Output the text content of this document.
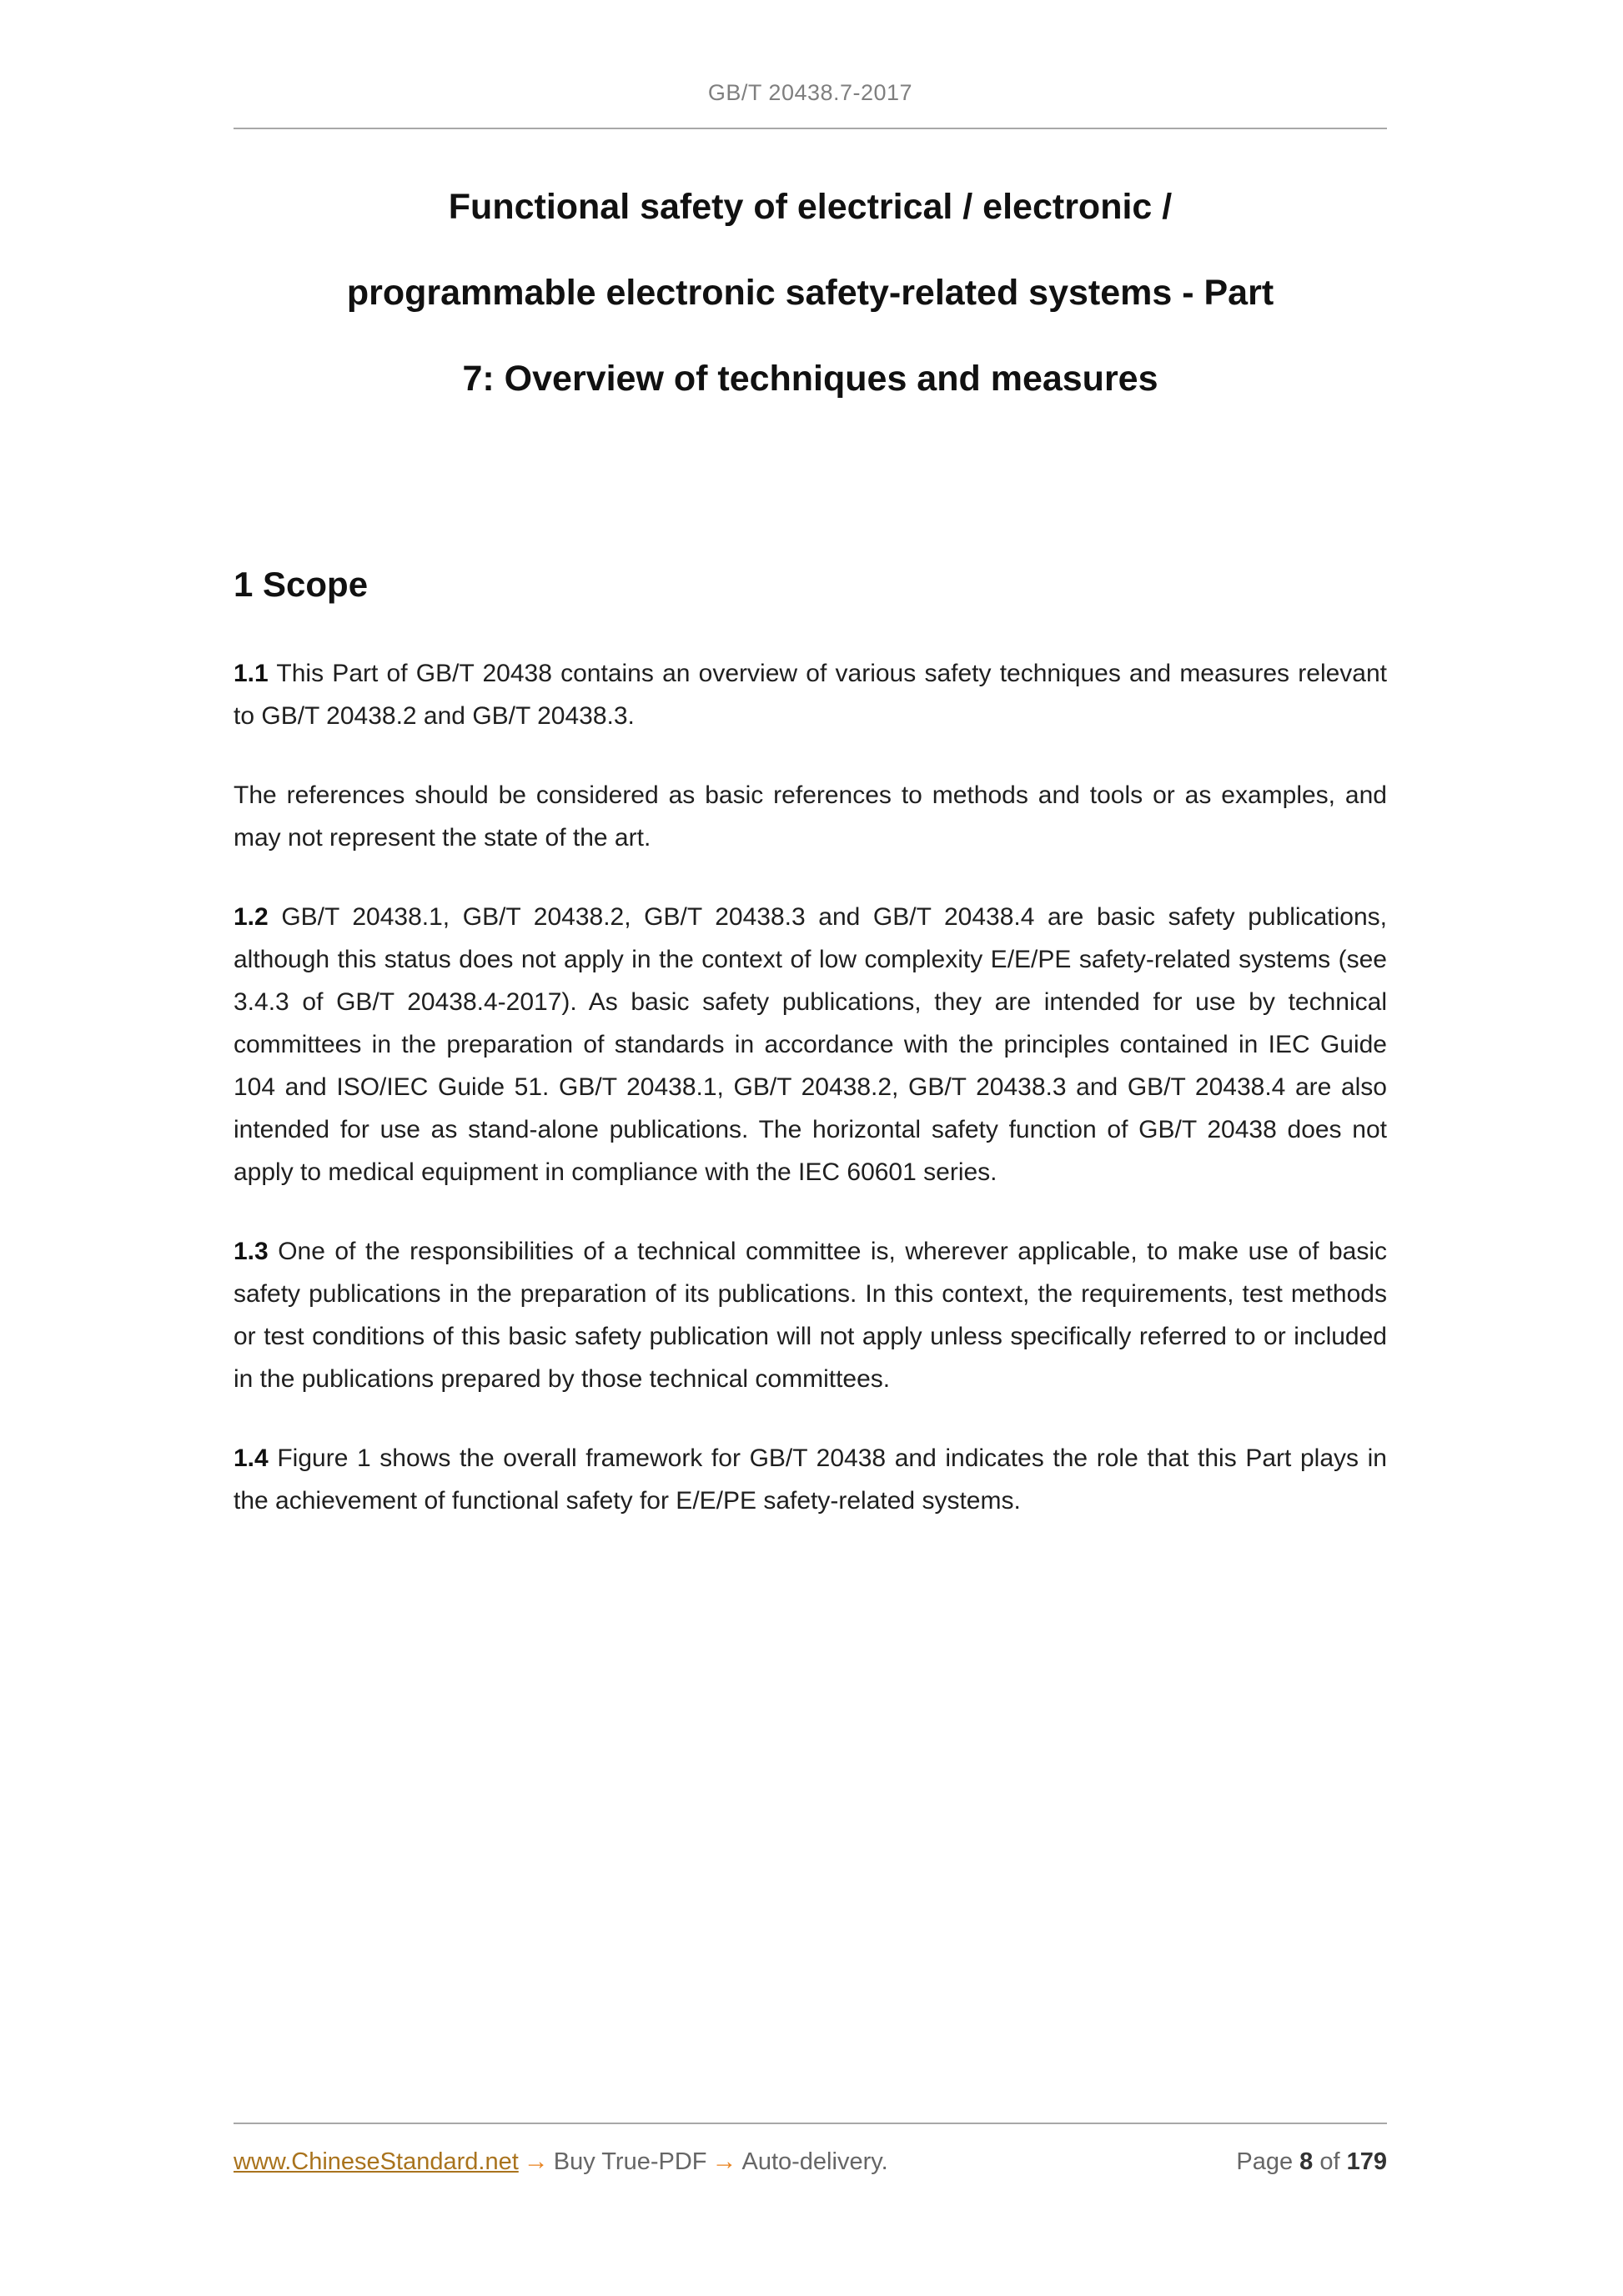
GB/T 20438.7-2017
Functional safety of electrical / electronic /
programmable electronic safety-related systems - Part
7: Overview of techniques and measures
1 Scope

1.1 This Part of GB/T 20438 contains an overview of various safety techniques and measures relevant to GB/T 20438.2 and GB/T 20438.3.

The references should be considered as basic references to methods and tools or as examples, and may not represent the state of the art.

1.2 GB/T 20438.1, GB/T 20438.2, GB/T 20438.3 and GB/T 20438.4 are basic safety publications, although this status does not apply in the context of low complexity E/E/PE safety-related systems (see 3.4.3 of GB/T 20438.4-2017). As basic safety publications, they are intended for use by technical committees in the preparation of standards in accordance with the principles contained in IEC Guide 104 and ISO/IEC Guide 51. GB/T 20438.1, GB/T 20438.2, GB/T 20438.3 and GB/T 20438.4 are also intended for use as stand-alone publications. The horizontal safety function of GB/T 20438 does not apply to medical equipment in compliance with the IEC 60601 series.

1.3 One of the responsibilities of a technical committee is, wherever applicable, to make use of basic safety publications in the preparation of its publications. In this context, the requirements, test methods or test conditions of this basic safety publication will not apply unless specifically referred to or included in the publications prepared by those technical committees.

1.4 Figure 1 shows the overall framework for GB/T 20438 and indicates the role that this Part plays in the achievement of functional safety for E/E/PE safety-related systems.

www.ChineseStandard.net → Buy True-PDF → Auto-delivery.	Page 8 of 179
